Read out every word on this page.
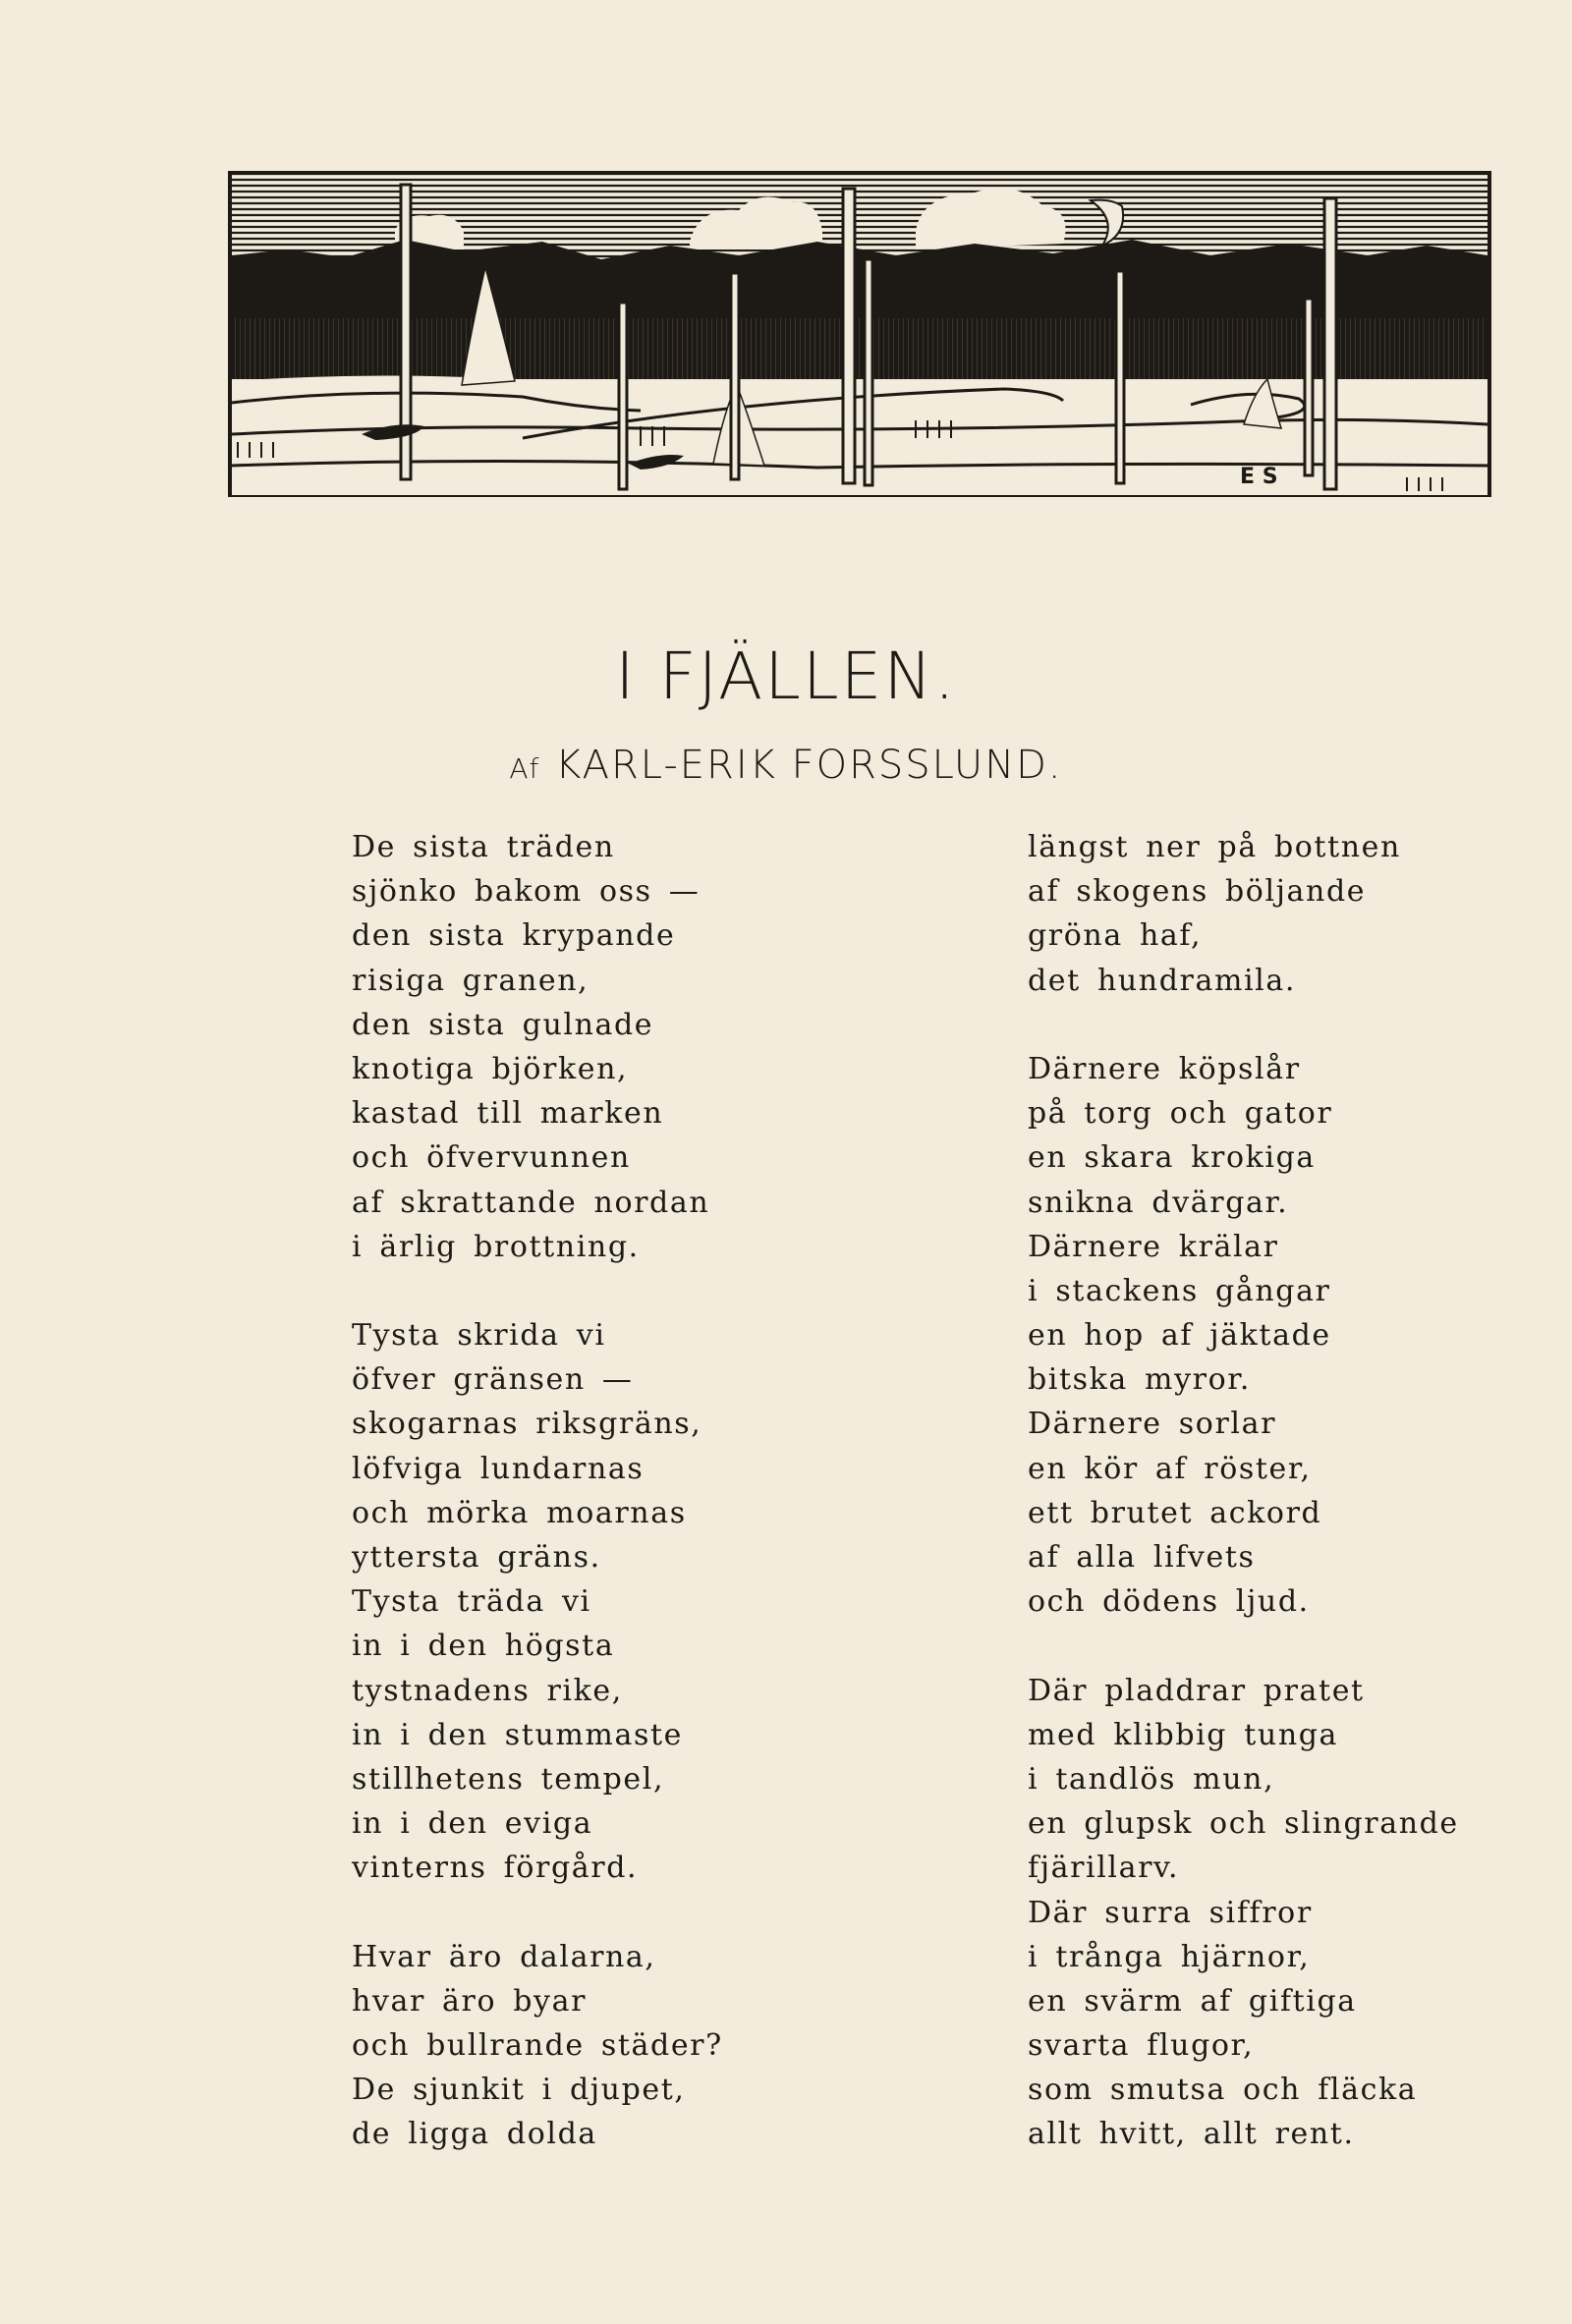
E S
I FJÄLLEN.

Af KARL-ERIK FORSSLUND.

De sista träden
sjönko bakom oss —
den sista krypande
risiga granen,
den sista gulnade
knotiga björken,
kastad till marken
och öfvervunnen
af skrattande nordan
i ärlig brottning.
Tysta skrida vi
öfver gränsen —
skogarnas riksgräns,
löfviga lundarnas
och mörka moarnas
yttersta gräns.
Tysta träda vi
in i den högsta
tystnadens rike,
in i den stummaste
stillhetens tempel,
in i den eviga
vinterns förgård.
Hvar äro dalarna,
hvar äro byar
och bullrande städer?
De sjunkit i djupet,
de ligga dolda
längst ner på bottnen
af skogens böljande
gröna haf,
det hundramila.
Därnere köpslår
på torg och gator
en skara krokiga
snikna dvärgar.
Därnere krälar
i stackens gångar
en hop af jäktade
bitska myror.
Därnere sorlar
en kör af röster,
ett brutet ackord
af alla lifvets
och dödens ljud.
Där pladdrar pratet
med klibbig tunga
i tandlös mun,
en glupsk och slingrande
fjärillarv.
Där surra siffror
i trånga hjärnor,
en svärm af giftiga
svarta flugor,
som smutsa och fläcka
allt hvitt, allt rent.
